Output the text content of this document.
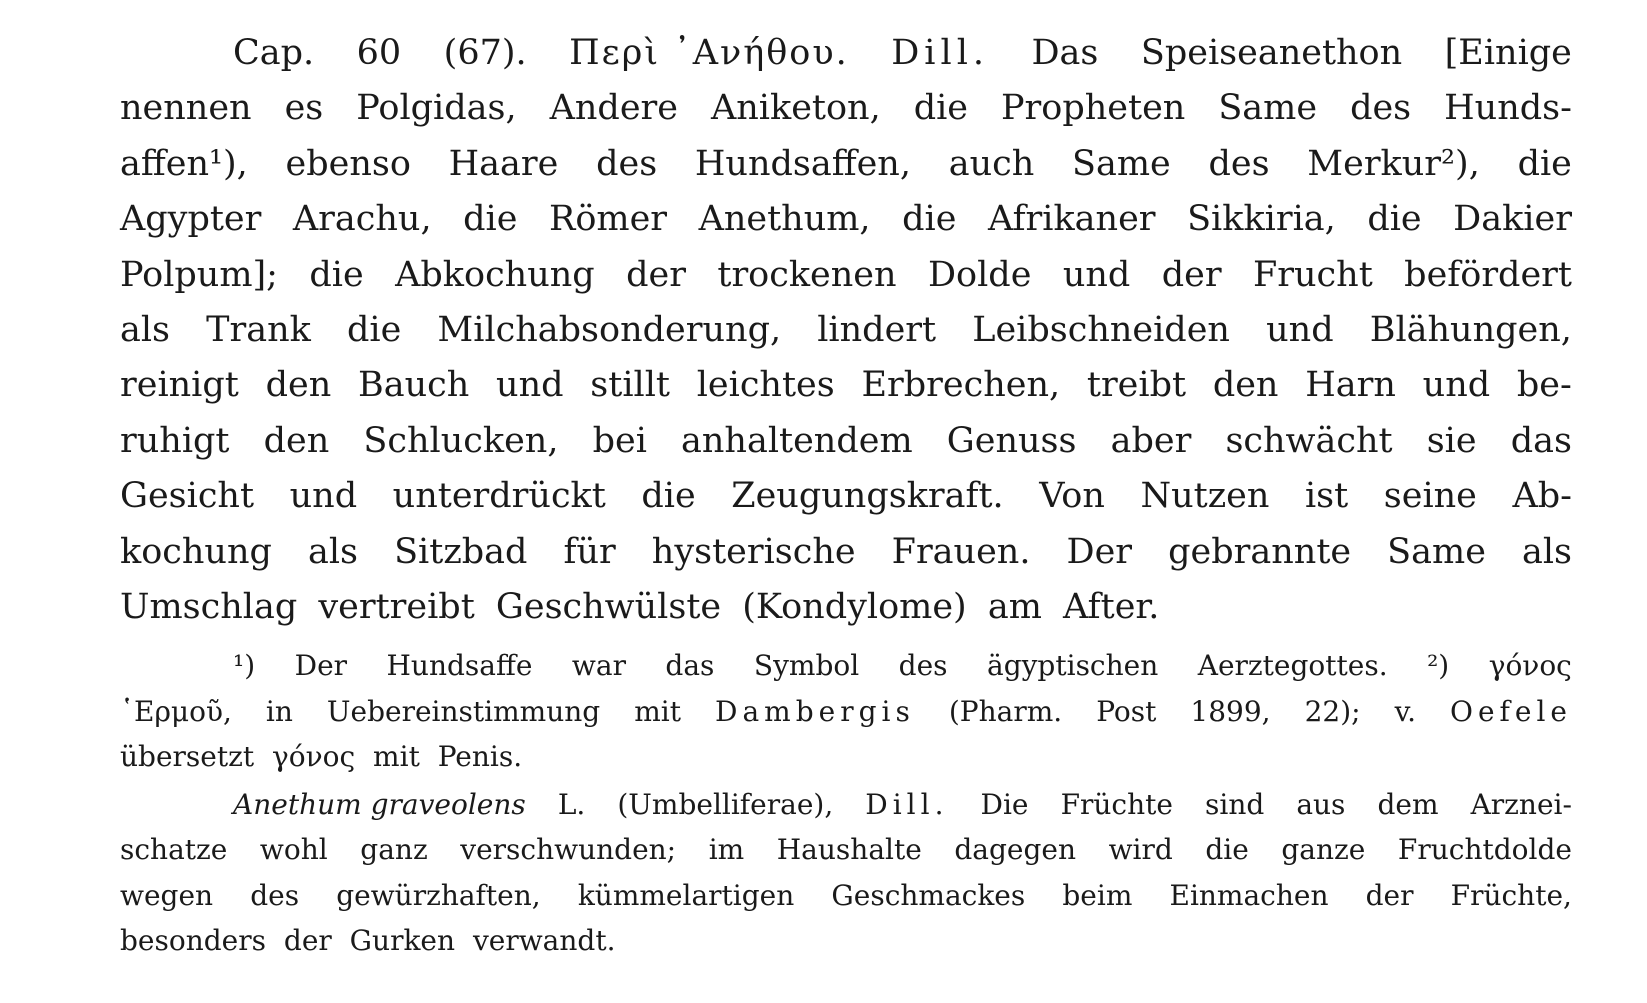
Cap. 60 (67). Περὶ ᾽Ανήθου. Dill. Das Speiseanethon [Einige
nennen es Polgidas, Andere Aniketon, die Propheten Same des Hunds-
affen¹), ebenso Haare des Hundsaffen, auch Same des Merkur²), die
Agypter Arachu, die Römer Anethum, die Afrikaner Sikkiria, die Dakier
Polpum]; die Abkochung der trockenen Dolde und der Frucht befördert
als Trank die Milchabsonderung, lindert Leibschneiden und Blähungen,
reinigt den Bauch und stillt leichtes Erbrechen, treibt den Harn und be-
ruhigt den Schlucken, bei anhaltendem Genuss aber schwächt sie das
Gesicht und unterdrückt die Zeugungskraft. Von Nutzen ist seine Ab-
kochung als Sitzbad für hysterische Frauen. Der gebrannte Same als
Umschlag vertreibt Geschwülste (Kondylome) am After.
¹) Der Hundsaffe war das Symbol des ägyptischen Aerztegottes. ²) γόνος
῾Ερμοῦ, in Uebereinstimmung mit Dambergis (Pharm. Post 1899, 22); v. Oefele
übersetzt γόνος mit Penis.
Anethum graveolens L. (Umbelliferae), Dill. Die Früchte sind aus dem Arznei-
schatze wohl ganz verschwunden; im Haushalte dagegen wird die ganze Fruchtdolde
wegen des gewürzhaften, kümmelartigen Geschmackes beim Einmachen der Früchte,
besonders der Gurken verwandt.
